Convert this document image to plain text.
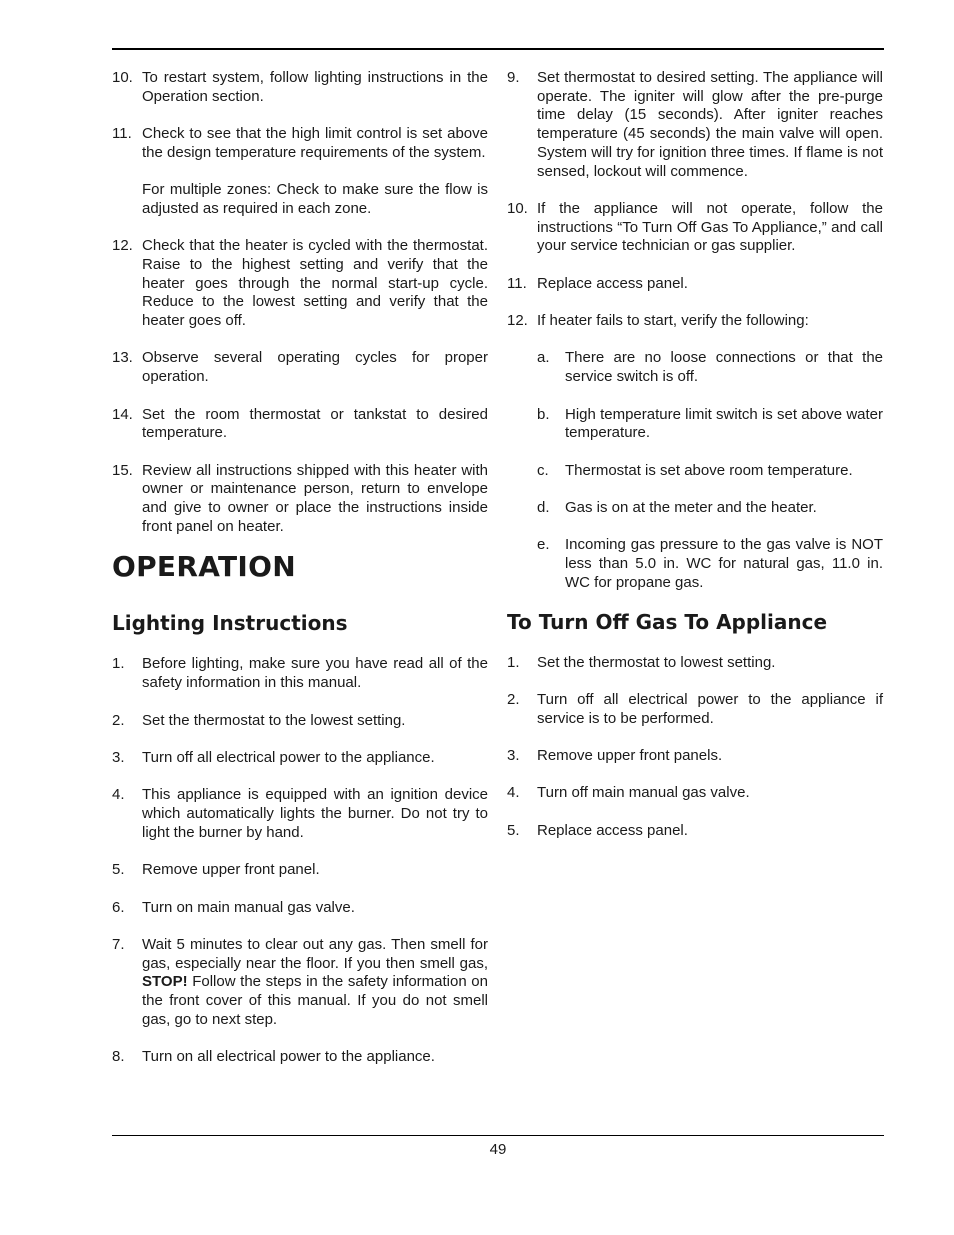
10. To restart system, follow lighting instructions in the Operation section.
11. Check to see that the high limit control is set above the design temperature requirements of the system.
For multiple zones: Check to make sure the flow is adjusted as required in each zone.
12. Check that the heater is cycled with the thermostat. Raise to the highest setting and verify that the heater goes through the normal start-up cycle. Reduce to the lowest setting and verify that the heater goes off.
13. Observe several operating cycles for proper operation.
14. Set the room thermostat or tankstat to desired temperature.
15. Review all instructions shipped with this heater with owner or maintenance person, return to envelope and give to owner or place the instructions inside front panel on heater.
OPERATION
Lighting Instructions
1.	Before lighting, make sure you have read all of the safety information in this manual.
2.	Set the thermostat to the lowest setting.
3.	Turn off all electrical power to the appliance.
4.	This appliance is equipped with an ignition device which automatically lights the burner. Do not try to light the burner by hand.
5.	Remove upper front panel.
6.	Turn on main manual gas valve.
7.	Wait 5 minutes to clear out any gas. Then smell for gas, especially near the floor. If you then smell gas, STOP! Follow the steps in the safety information on the front cover of this manual. If you do not smell gas, go to next step.
8.	Turn on all electrical power to the appliance.
9.	Set thermostat to desired setting. The appliance will operate. The igniter will glow after the pre-purge time delay (15 seconds). After igniter reaches temperature (45 seconds) the main valve will open. System will try for ignition three times. If flame is not sensed, lockout will commence.
10. If the appliance will not operate, follow the instructions “To Turn Off Gas To Appliance,” and call your service technician or gas supplier.
11. Replace access panel.
12. If heater fails to start, verify the following:
a.	There are no loose connections or that the service switch is off.
b.	High temperature limit switch is set above water temperature.
c.	Thermostat is set above room temperature.
d.	Gas is on at the meter and the heater.
e.	Incoming gas pressure to the gas valve is NOT less than 5.0 in. WC for natural gas, 11.0 in. WC for propane gas.
To Turn Off Gas To Appliance
1.	Set the thermostat to lowest setting.
2.	Turn off all electrical power to the appliance if service is to be performed.
3.	Remove upper front panels.
4.	Turn off main manual gas valve.
5.	Replace access panel.
49
